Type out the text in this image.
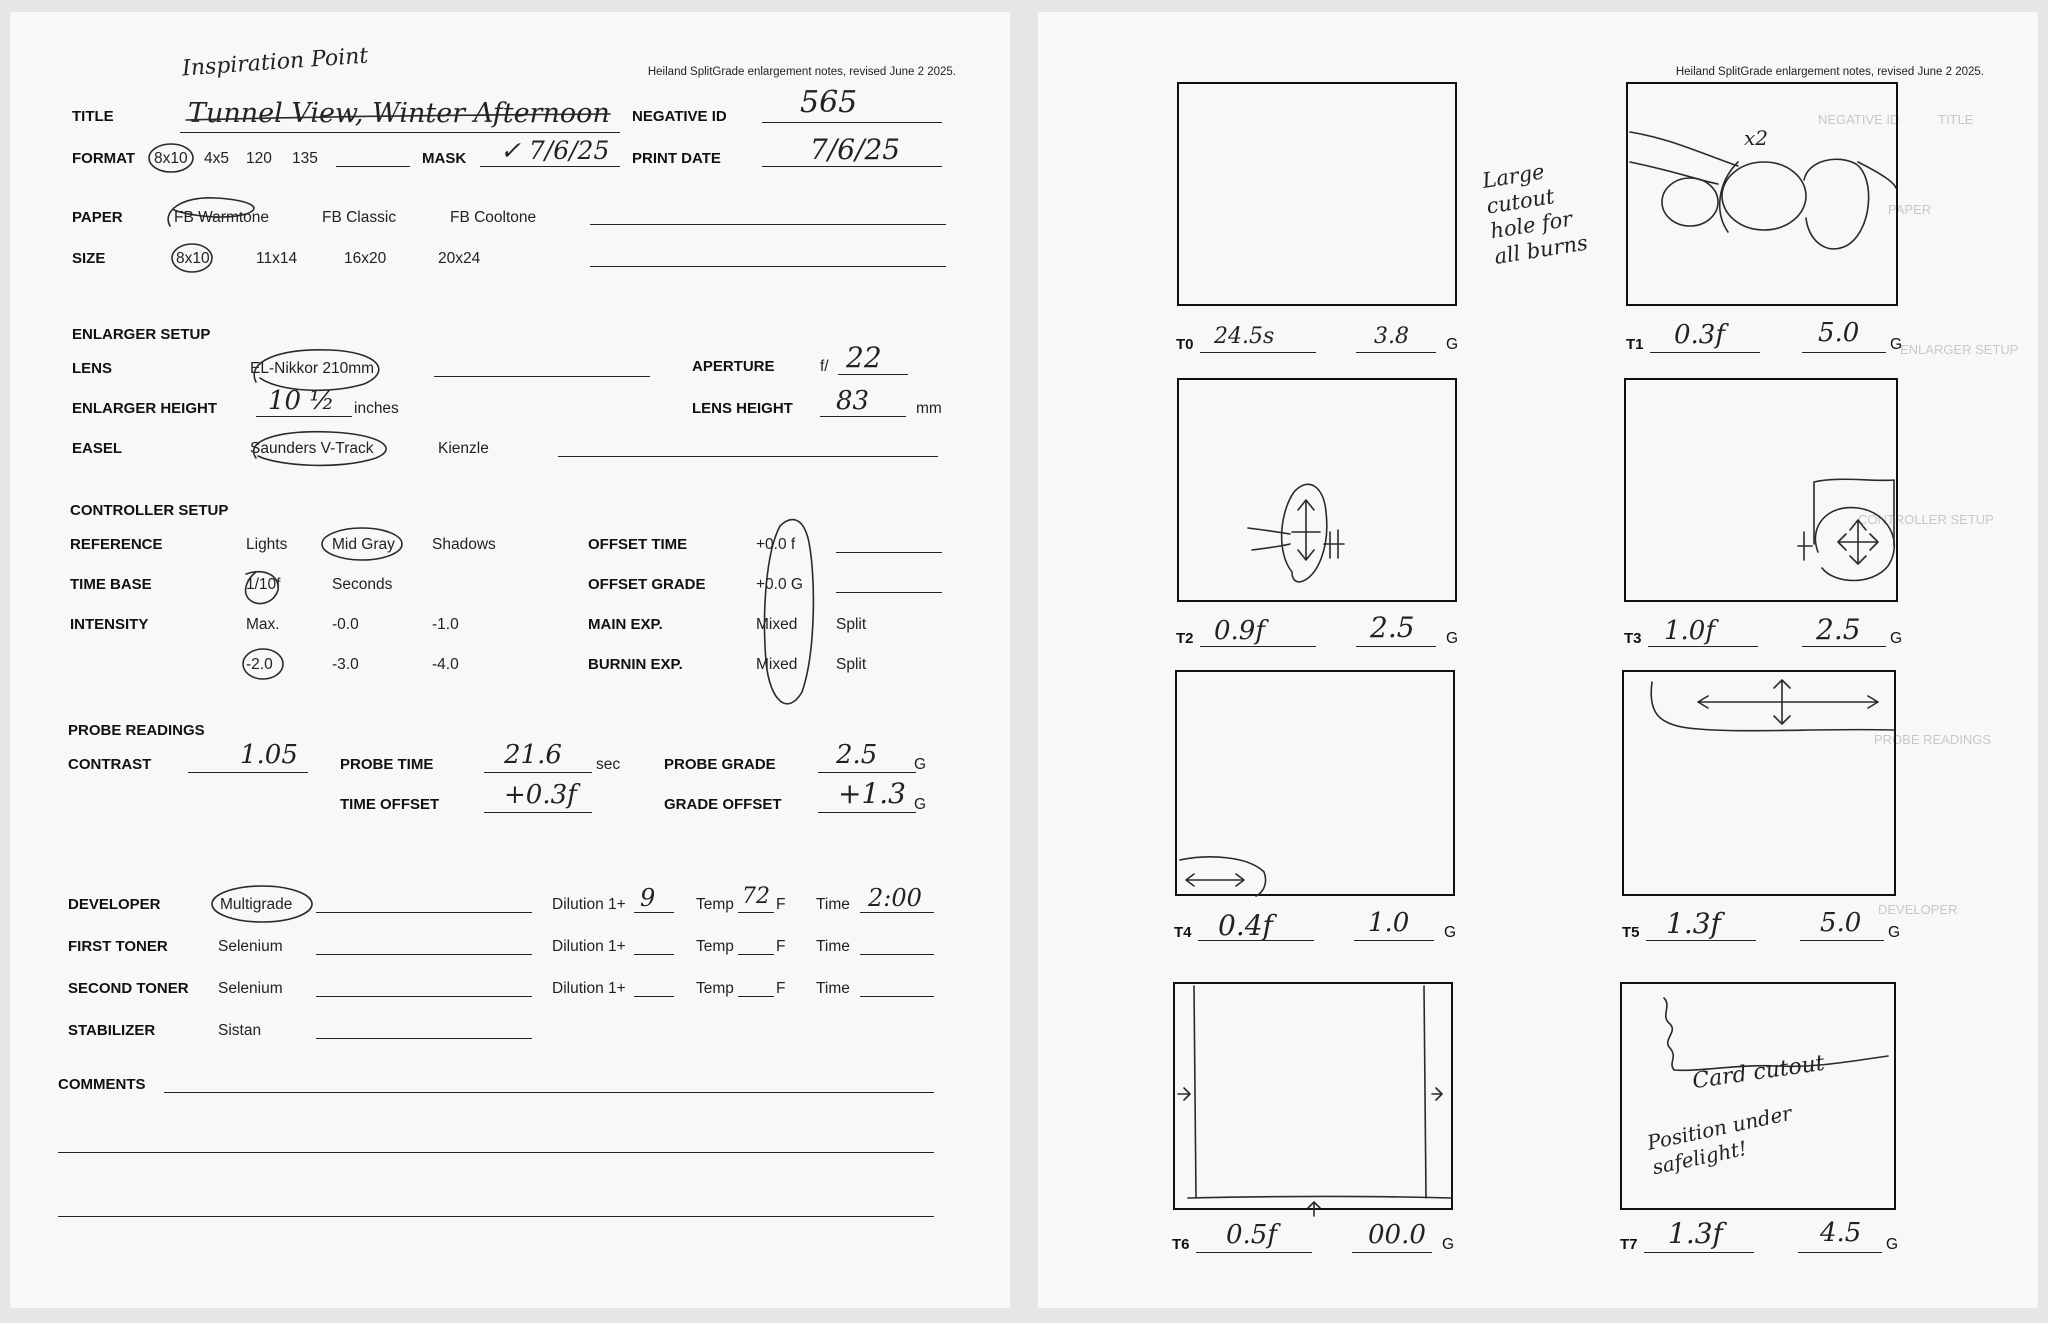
Heiland SplitGrade enlargement notes, revised June 2 2025.
Inspiration Point
TITLE	Tunnel View, Winter Afternoon NEGATIVE ID 565
FORMAT 8x10 4x5 120 135	MASK ✓ 7/6/25 PRINT DATE	7/6/25
PAPER	FB Warmtone	FB Classic	FB Cooltone
SIZE	8x10	11x14	16x20	20x24
ENLARGER SETUP
LENS	EL-Nikkor 210mm	APERTURE	f/ 22
ENLARGER HEIGHT 10 ½ inches	LENS HEIGHT 83	mm
EASEL	Saunders V-Track	Kienzle
CONTROLLER SETUP
REFERENCE	Lights	Mid Gray Shadows	OFFSET TIME	+0.0 f
TIME BASE	1/10f	Seconds	OFFSET GRADE	+0.0 G
INTENSITY	Max.	-0.0	-1.0
-2.0	-3.0	-4.0
MAIN EXP.	Mixed Split
BURNIN EXP.	Mixed Split
PROBE READINGS
CONTRAST	1.05	PROBE TIME	21.6 sec	PROBE GRADE 2.5 G
TIME OFFSET +0.3f	GRADE OFFSET +1.3 G
DEVELOPER	Multigrade	Dilution 1+ 9	Temp 72 F Time 2:00
FIRST TONER	Selenium	Dilution 1+	Temp	F Time
SECOND TONER Selenium	Dilution 1+	Temp	F Time
STABILIZER	Sistan
COMMENTS
Heiland SplitGrade enlargement notes, revised June 2 2025.
TITLE
NEGATIVE ID
PAPER
ENLARGER SETUP
CONTROLLER SETUP
PROBE READINGS
DEVELOPER
T0 24.5s	3.8 G	T1 0.3f	5.0 G
x2
Large cutout hole for all burns
T2 0.9f	2.5 G	T3 1.0f	2.5 G
T4 0.4f	1.0 G	T5 1.3f	5.0 G
T6 0.5f	00.0 G	T7 1.3f	4.5 G
Card cutout
Position under safelight!
